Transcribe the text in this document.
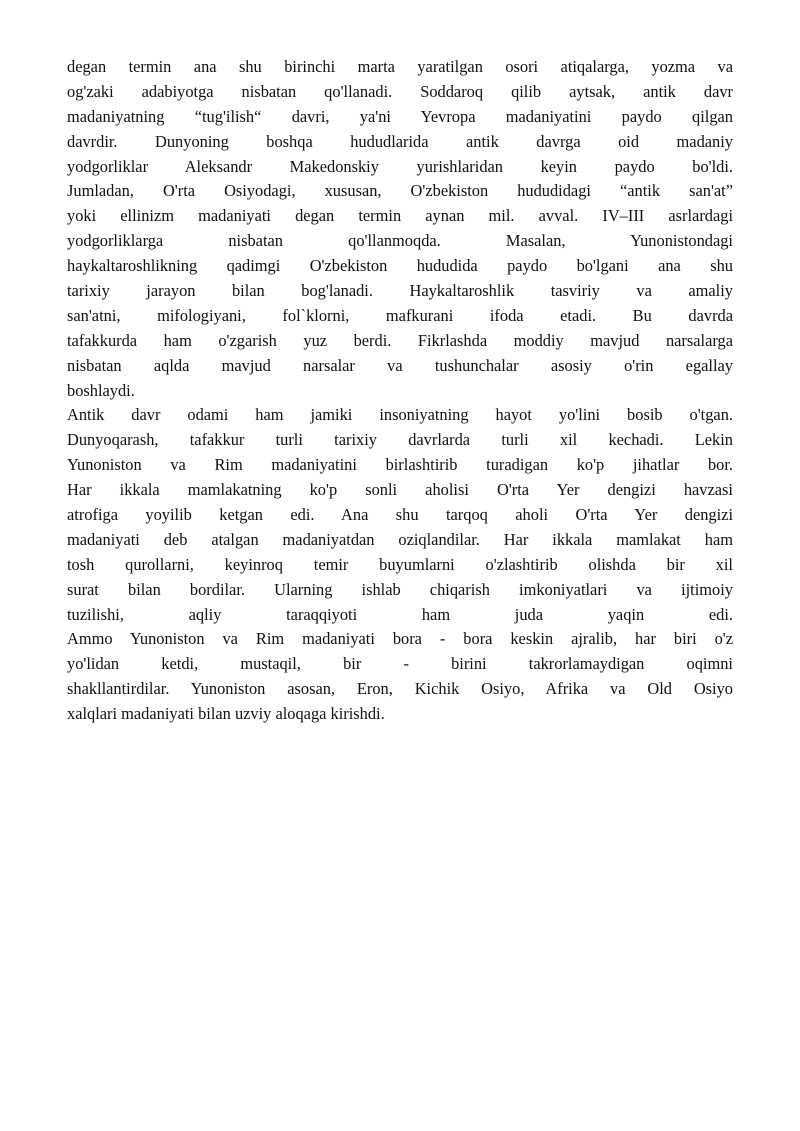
degan termin ana shu birinchi marta yaratilgan osori atiqalarga, yozma va
og'zaki adabiyotga nisbatan qo'llanadi. Soddaroq qilib aytsak, antik davr
madaniyatning “tug'ilish“ davri, ya'ni Yevropa madaniyatini paydo qilgan
davrdir. Dunyoning boshqa hududlarida antik davrga oid madaniy
yodgorliklar Aleksandr Makedonskiy yurishlaridan keyin paydo bo'ldi.
Jumladan, O'rta Osiyodagi, xususan, O'zbekiston hududidagi “antik san'at”
yoki ellinizm madaniyati degan termin aynan mil. avval. IV–III asrlardagi
yodgorliklarga nisbatan qo'llanmoqda. Masalan, Yunonistondagi
haykaltaroshlikning qadimgi O'zbekiston hududida paydo bo'lgani ana shu
tarixiy jarayon bilan bog'lanadi. Haykaltaroshlik tasviriy va amaliy
san'atni, mifologiyani, fol`klorni, mafkurani ifoda etadi. Bu davrda
tafakkurda ham o'zgarish yuz berdi. Fikrlashda moddiy mavjud narsalarga
nisbatan aqlda mavjud narsalar va tushunchalar asosiy o'rin egallay
boshlaydi.
Antik davr odami ham jamiki insoniyatning hayot yo'lini bosib o'tgan.
Dunyoqarash, tafakkur turli tarixiy davrlarda turli xil kechadi. Lekin
Yunoniston va Rim madaniyatini birlashtirib turadigan ko'p jihatlar bor.
Har ikkala mamlakatning ko'p sonli aholisi O'rta Yer dengizi havzasi
atrofiga yoyilib ketgan edi. Ana shu tarqoq aholi O'rta Yer dengizi
madaniyati deb atalgan madaniyatdan oziqlandilar. Har ikkala mamlakat ham
tosh qurollarni, keyinroq temir buyumlarni o'zlashtirib olishda bir xil
surat bilan bordilar. Ularning ishlab chiqarish imkoniyatlari va ijtimoiy
tuzilishi, aqliy taraqqiyoti ham juda yaqin edi.
Ammo Yunoniston va Rim madaniyati bora - bora keskin ajralib, har biri o'z
yo'lidan ketdi, mustaqil, bir - birini takrorlamaydigan oqimni
shakllantirdilar. Yunoniston asosan, Eron, Kichik Osiyo, Afrika va Old Osiyo
xalqlari madaniyati bilan uzviy aloqaga kirishdi.
